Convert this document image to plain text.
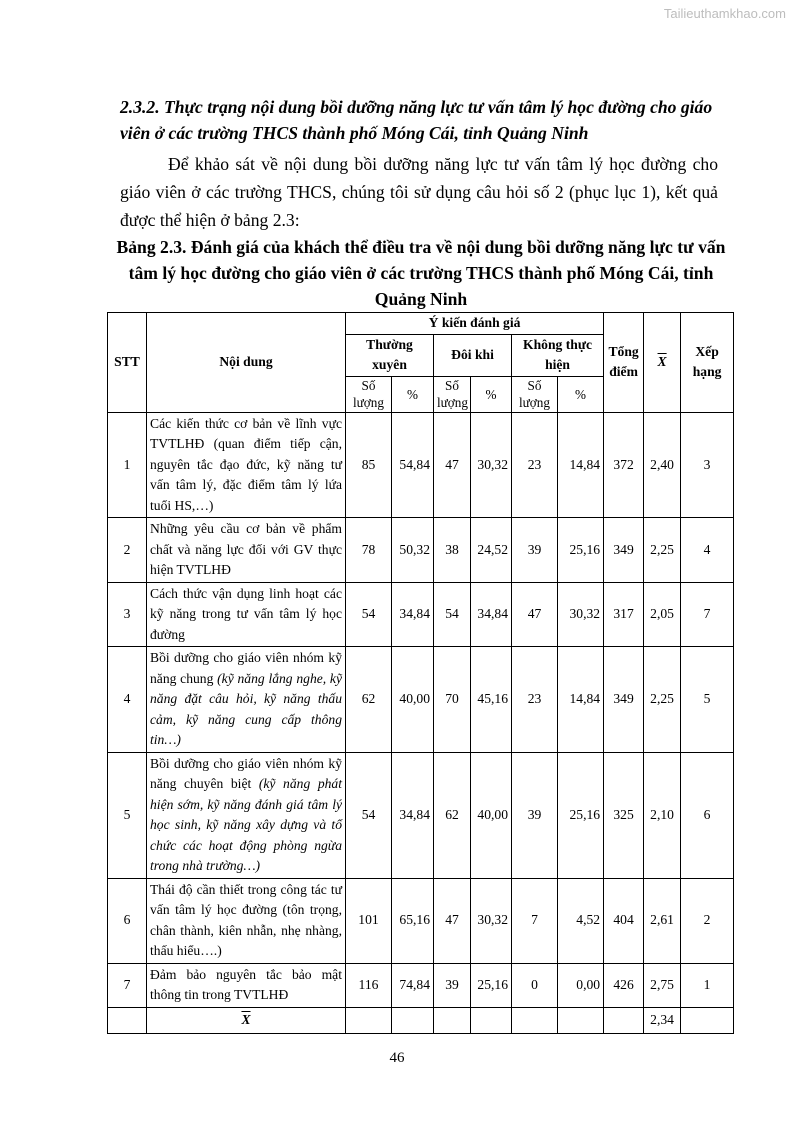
Tailieuthamkhao.com
2.3.2. Thực trạng nội dung bồi dưỡng năng lực tư vấn tâm lý học đường cho giáo viên ở các trường THCS thành phố Móng Cái, tỉnh Quảng Ninh
Để khảo sát về nội dung bồi dưỡng năng lực tư vấn tâm lý học đường cho giáo viên ở các trường THCS, chúng tôi sử dụng câu hỏi số 2 (phục lục 1), kết quả được thể hiện ở bảng 2.3:
Bảng 2.3. Đánh giá của khách thể điều tra về nội dung bồi dưỡng năng lực tư vấn tâm lý học đường cho giáo viên ở các trường THCS thành phố Móng Cái, tỉnh Quảng Ninh
STT	Nội dung	Ý kiến đánh giá						Tổng điểm	$\overline{X}$	Xếp hạng
		Thường xuyên		Đôi khi		Không thực hiện				
		Số lượng	%	Số lượng	%	Số lượng	%			
1	Các kiến thức cơ bản về lĩnh vực TVTLHĐ (quan điểm tiếp cận, nguyên tắc đạo đức, kỹ năng tư vấn tâm lý, đặc điểm tâm lý lứa tuổi HS,…)	85	54,84	47	30,32	23	14,84	372	2,40	3
2	Những yêu cầu cơ bản về phẩm chất và năng lực đối với GV thực hiện TVTLHĐ	78	50,32	38	24,52	39	25,16	349	2,25	4
3	Cách thức vận dụng linh hoạt các kỹ năng trong tư vấn tâm lý học đường	54	34,84	54	34,84	47	30,32	317	2,05	7
4	Bồi dưỡng cho giáo viên nhóm kỹ năng chung (kỹ năng lắng nghe, kỹ năng đặt câu hỏi, kỹ năng thấu cảm, kỹ năng cung cấp thông tin…)	62	40,00	70	45,16	23	14,84	349	2,25	5
5	Bồi dưỡng cho giáo viên nhóm kỹ năng chuyên biệt (kỹ năng phát hiện sớm, kỹ năng đánh giá tâm lý học sinh, kỹ năng xây dựng và tổ chức các hoạt động phòng ngừa trong nhà trường…)	54	34,84	62	40,00	39	25,16	325	2,10	6
6	Thái độ cần thiết trong công tác tư vấn tâm lý học đường (tôn trọng, chân thành, kiên nhẫn, nhẹ nhàng, thấu hiểu….)	101	65,16	47	30,32	7	4,52	404	2,61	2
7	Đảm bảo nguyên tắc bảo mật thông tin trong TVTLHĐ	116	74,84	39	25,16	0	0,00	426	2,75	1
	$\overline{X}$								2,34	
46
